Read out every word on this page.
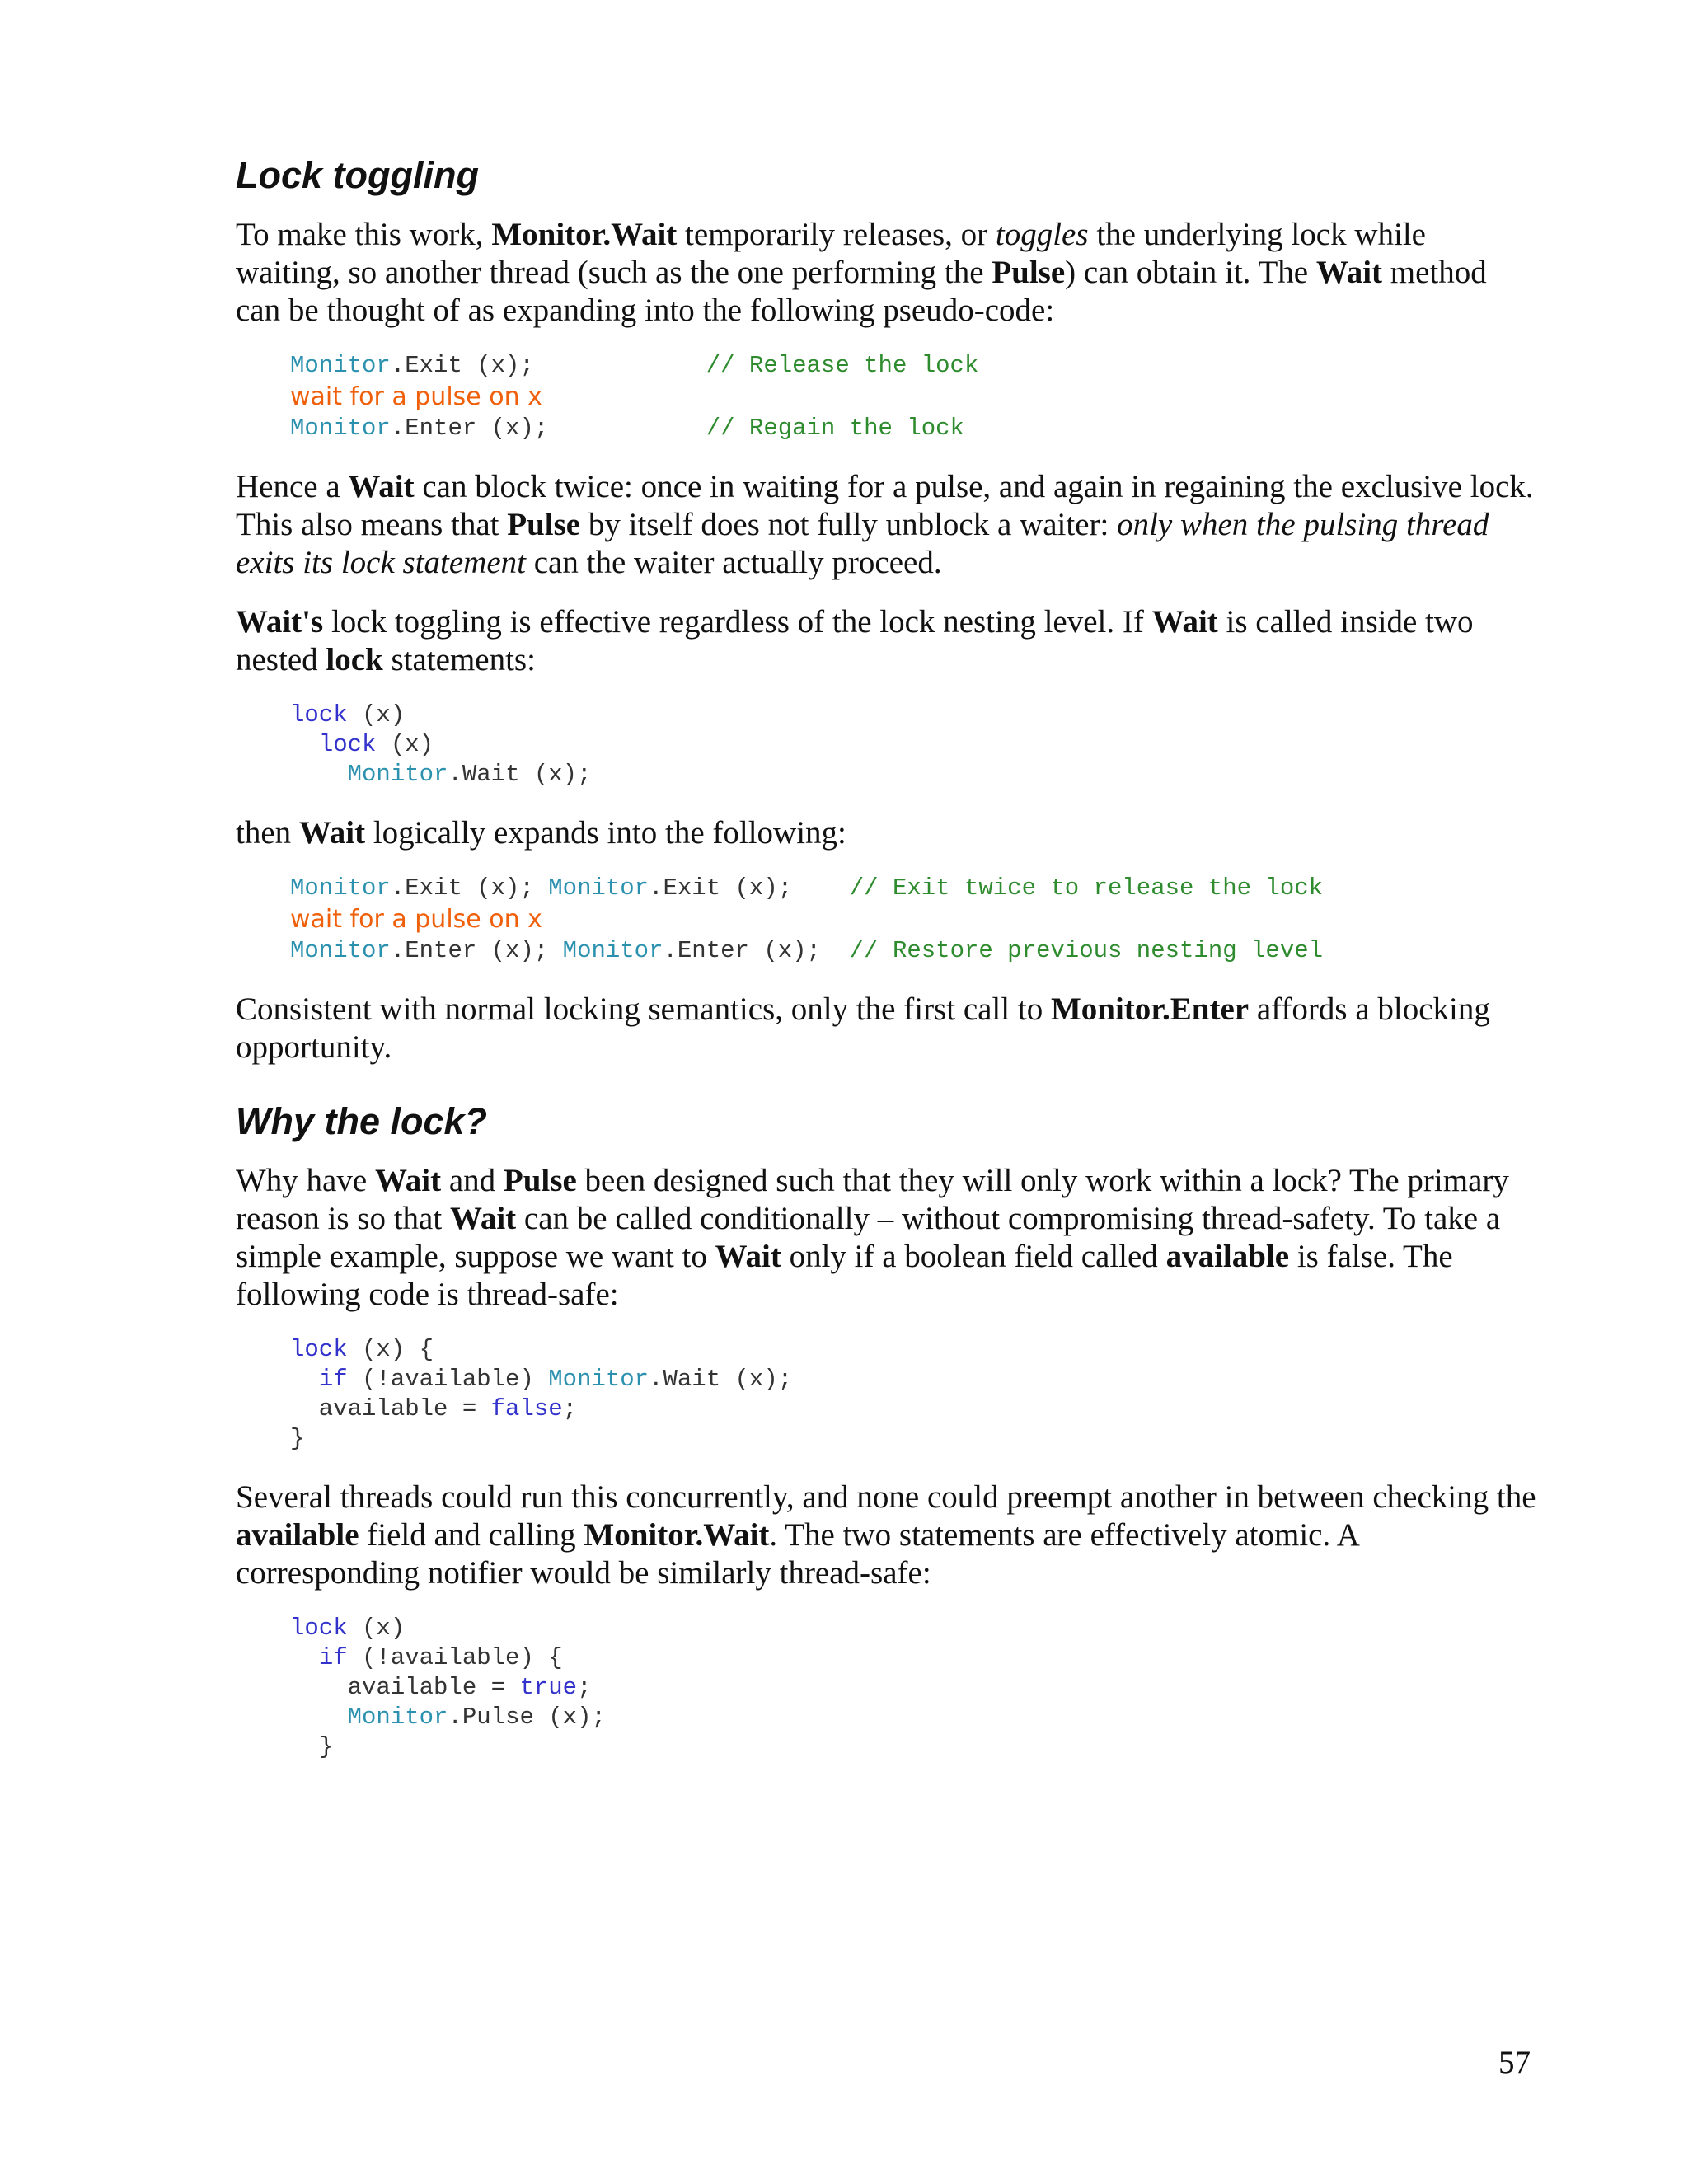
Lock toggling

To make this work, Monitor.Wait temporarily releases, or toggles the underlying lock while waiting, so another thread (such as the one performing the Pulse) can obtain it. The Wait method can be thought of as expanding into the following pseudo-code:

Monitor.Exit (x);            // Release the lock
wait for a pulse on x
Monitor.Enter (x);           // Regain the lock

Hence a Wait can block twice: once in waiting for a pulse, and again in regaining the exclusive lock. This also means that Pulse by itself does not fully unblock a waiter: only when the pulsing thread exits its lock statement can the waiter actually proceed.

Wait's lock toggling is effective regardless of the lock nesting level. If Wait is called inside two nested lock statements:

lock (x)
lock (x)
Monitor.Wait (x);

then Wait logically expands into the following:

Monitor.Exit (x); Monitor.Exit (x);    // Exit twice to release the lock
wait for a pulse on x
Monitor.Enter (x); Monitor.Enter (x);  // Restore previous nesting level

Consistent with normal locking semantics, only the first call to Monitor.Enter affords a blocking opportunity.

Why the lock?

Why have Wait and Pulse been designed such that they will only work within a lock? The primary reason is so that Wait can be called conditionally – without compromising thread-safety. To take a simple example, suppose we want to Wait only if a boolean field called available is false. The following code is thread-safe:

lock (x) {
if (!available) Monitor.Wait (x);
available = false;
}

Several threads could run this concurrently, and none could preempt another in between checking the available field and calling Monitor.Wait. The two statements are effectively atomic. A corresponding notifier would be similarly thread-safe:

lock (x)
if (!available) {
available = true;
Monitor.Pulse (x);
}
57
